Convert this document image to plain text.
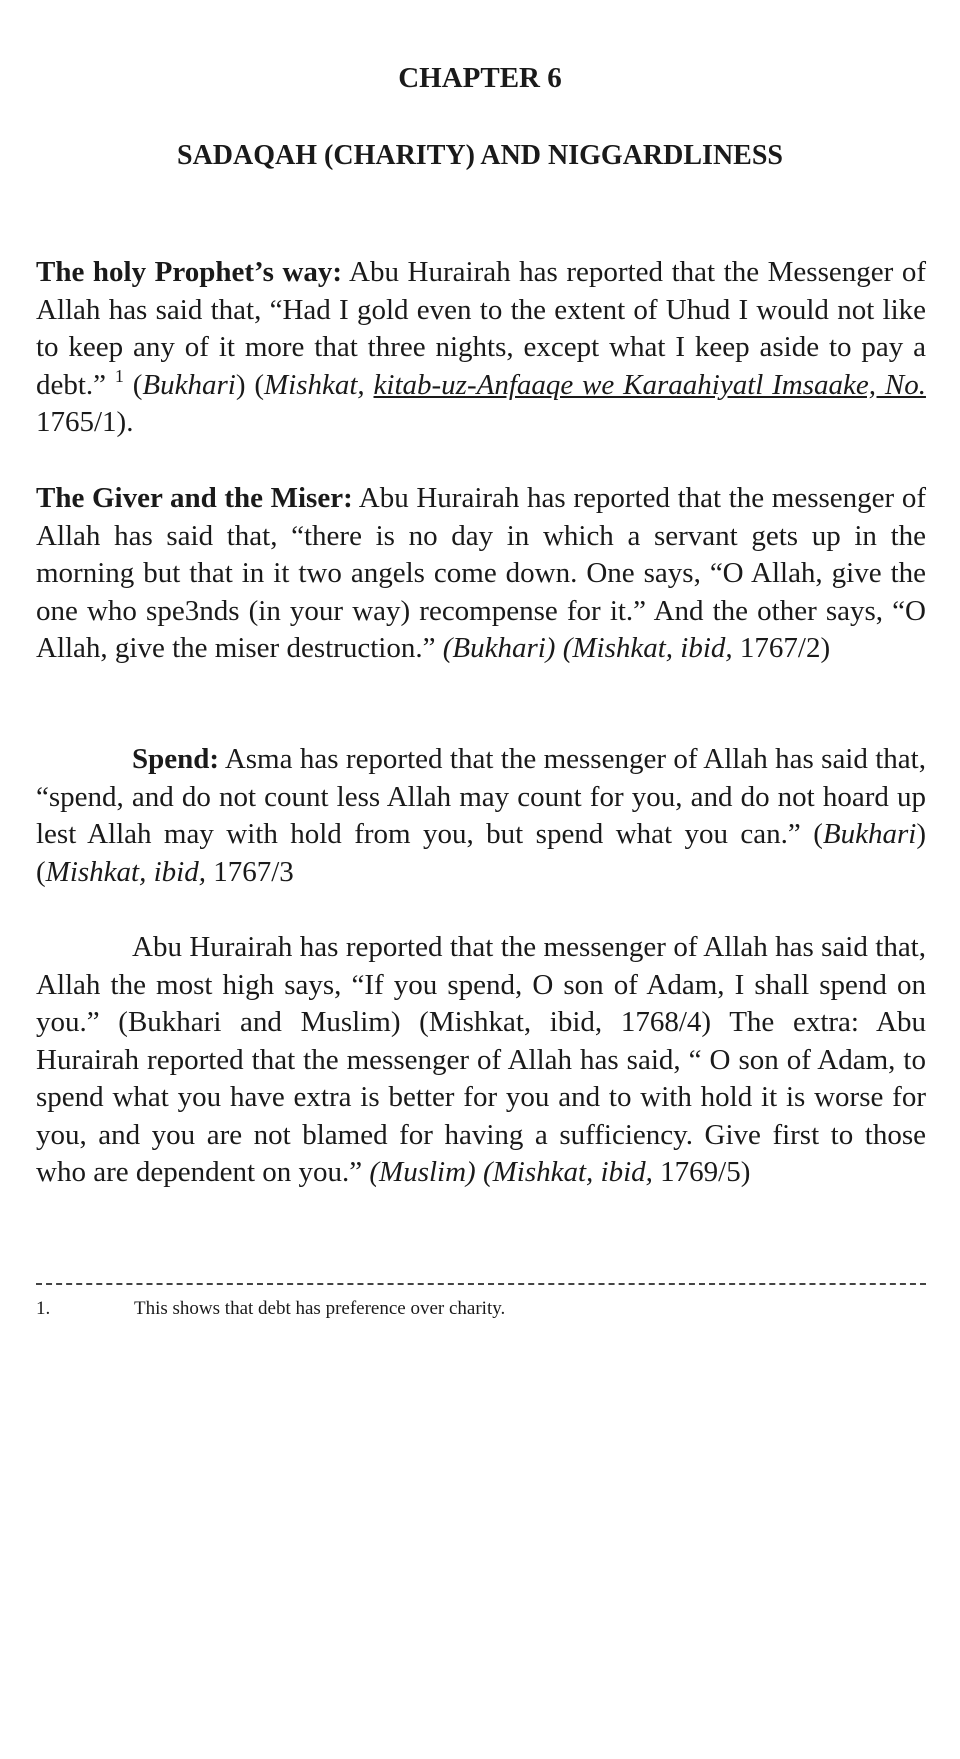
CHAPTER 6
SADAQAH (CHARITY) AND NIGGARDLINESS

The holy Prophet’s way: Abu Hurairah has reported that the Messenger of Allah has said that, “Had I gold even to the extent of Uhud I would not like to keep any of it more that three nights, except what I keep aside to pay a debt.” $^1$ (Bukhari) (Mishkat, kitab-uz-Anfaaqe we Karaahiyatl Imsaake, No. 1765/1).

The Giver and the Miser: Abu Hurairah has reported that the messenger of Allah has said that, “there is no day in which a servant gets up in the morning but that in it two angels come down. One says, “O Allah, give the one who spe3nds (in your way) recompense for it.” And the other says, “O Allah, give the miser destruction.” (Bukhari) (Mishkat, ibid, 1767/2)

Spend: Asma has reported that the messenger of Allah has said that, “spend, and do not count less Allah may count for you, and do not hoard up lest Allah may with hold from you, but spend what you can.” (Bukhari) (Mishkat, ibid, 1767/3

Abu Hurairah has reported that the messenger of Allah has said that, Allah the most high says, “If you spend, O son of Adam, I shall spend on you.” (Bukhari and Muslim) (Mishkat, ibid, 1768/4) The extra: Abu Hurairah reported that the messenger of Allah has said, “ O son of Adam, to spend what you have extra is better for you and to with hold it is worse for you, and you are not blamed for having a sufficiency. Give first to those who are dependent on you.” (Muslim) (Mishkat, ibid, 1769/5)

1.	This shows that debt has preference over charity.
